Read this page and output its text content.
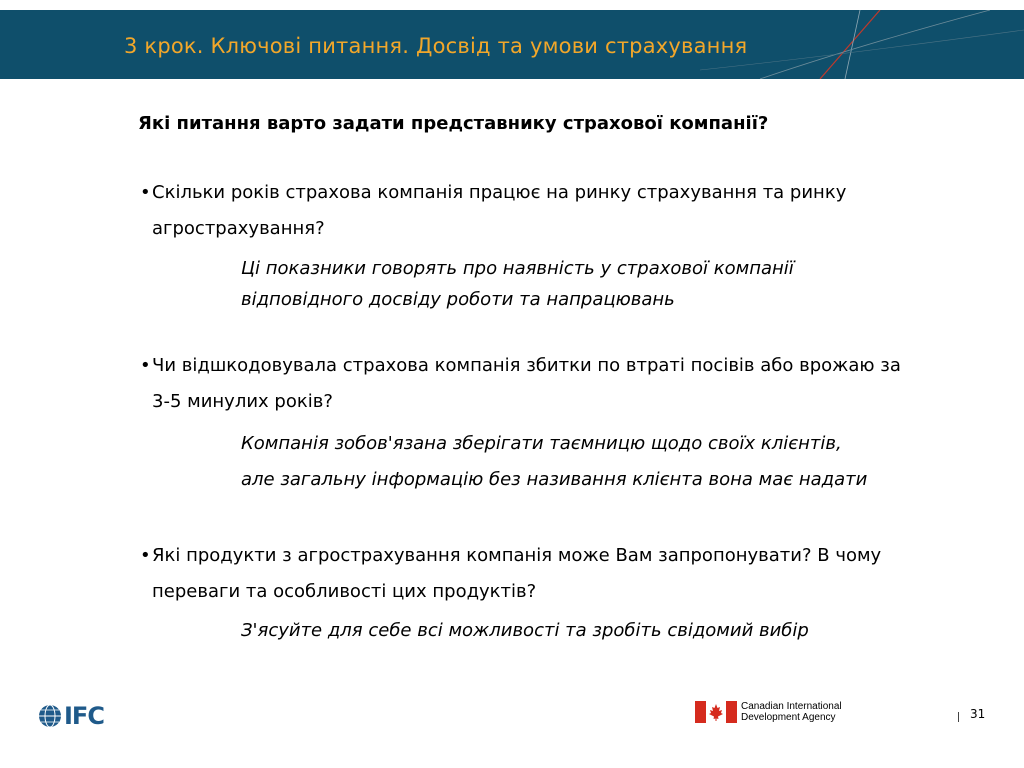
3 крок. Ключові питання. Досвід та умови страхування
Які питання варто задати представнику страхової компанії?
• Скільки років страхова компанія працює на ринку страхування та ринку агрострахування?
Ці показники говорять про наявність у страхової компанії відповідного досвіду роботи та напрацювань
• Чи відшкодовувала страхова компанія збитки по втраті посівів або врожаю за 3-5 минулих років?
Компанія зобов'язана зберігати таємницю щодо своїх клієнтів, але загальну інформацію без називання клієнта вона має надати
• Які продукти з агрострахування компанія може Вам запропонувати? В чому переваги та особливості цих продуктів?
З'ясуйте для себе всі можливості та зробіть свідомий вибір
IFC	Canadian International
Development Agency	31
